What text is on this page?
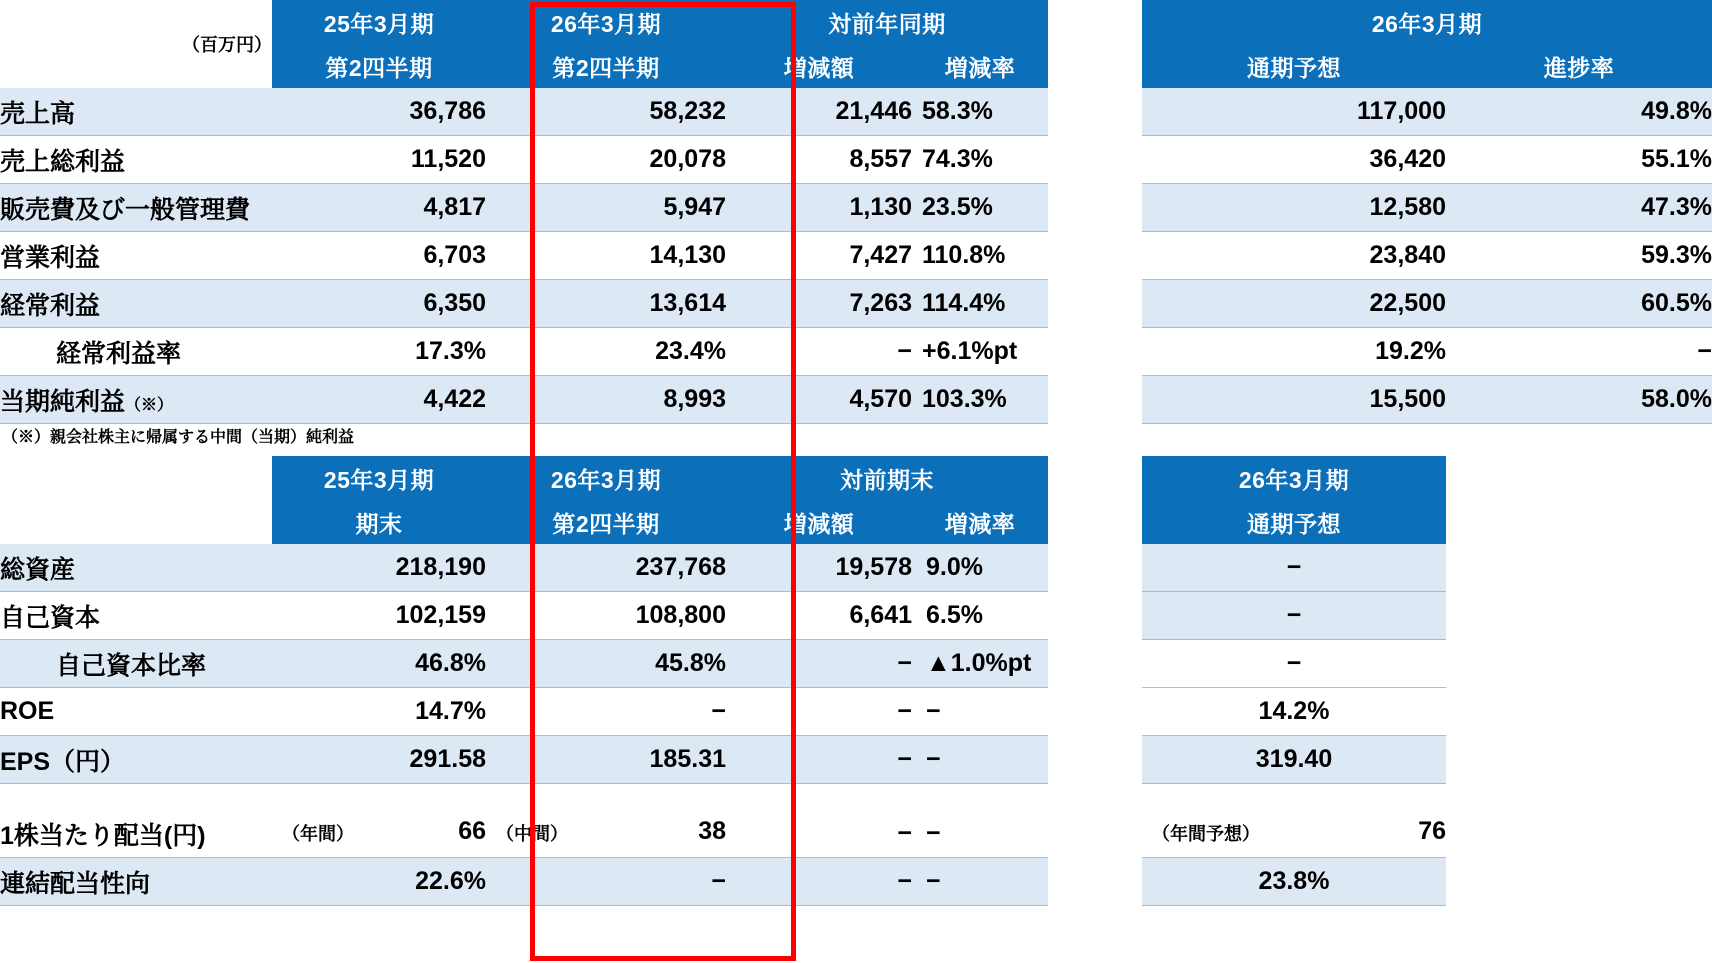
（百万円）	25年3月期	26年3月期	対前年同期			26年3月期	
	第2四半期	第2四半期	増減額	増減率		通期予想	進捗率
売上高	36,786	58,232	21,446	58.3%		117,000	49.8%
売上総利益	11,520	20,078	8,557	74.3%		36,420	55.1%
販売費及び一般管理費	4,817	5,947	1,130	23.5%		12,580	47.3%
営業利益	6,703	14,130	7,427	110.8%		23,840	59.3%
経常利益	6,350	13,614	7,263	114.4%		22,500	60.5%
経常利益率	17.3%	23.4%	−	+6.1%pt		19.2%	−
当期純利益（※）	4,422	8,993	4,570	103.3%		15,500	58.0%
（※）親会社株主に帰属する中間（当期）純利益
	25年3月期	26年3月期	対前期末			26年3月期	
	期末	第2四半期	増減額	増減率		通期予想	
総資産	218,190	237,768	19,578	9.0%		−	
自己資本	102,159	108,800	6,641	6.5%		−	
自己資本比率	46.8%	45.8%	−	▲1.0%pt		−	
ROE	14.7%	−	−	−		14.2%	
EPS（円）	291.58	185.31	−	−		319.40	

1株当たり配当(円)	（年間） 66	（中間） 38	−	−		（年間予想） 76	
連結配当性向	22.6%	−	−	−		23.8%	
